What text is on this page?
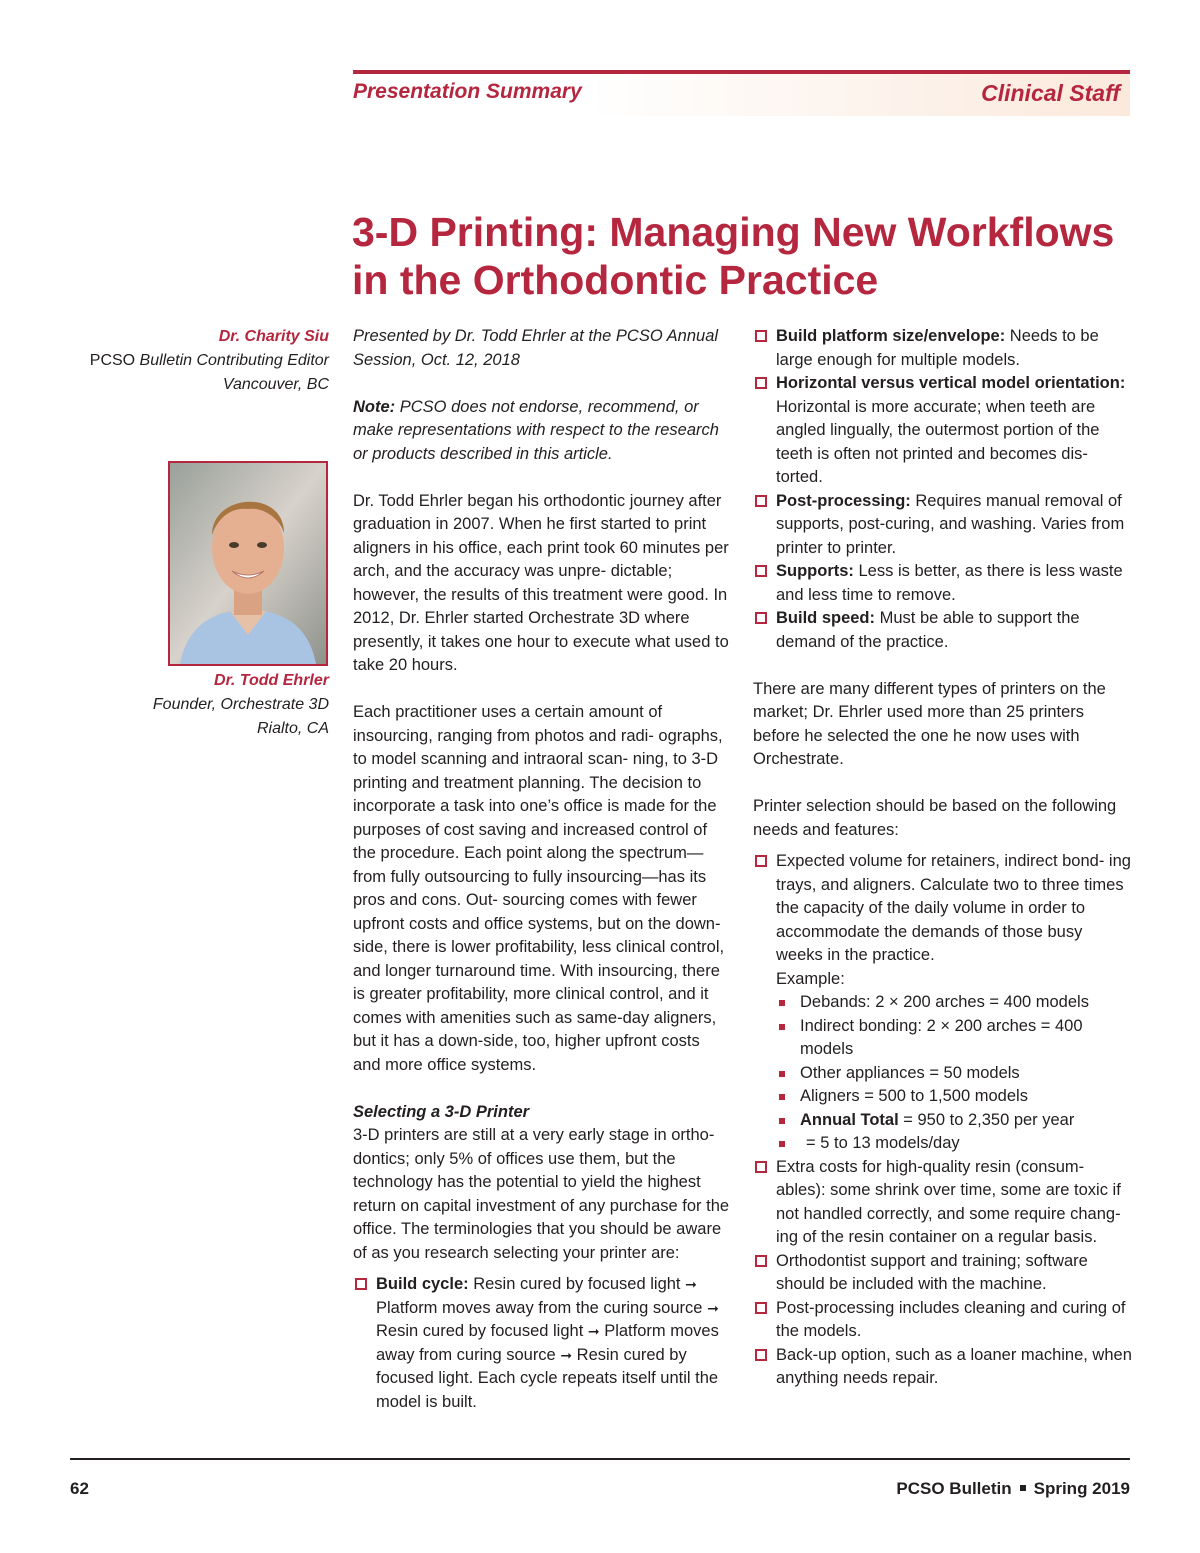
Presentation Summary	Clinical Staff
3-D Printing: Managing New Workflows
in the Orthodontic Practice
Dr. Charity Siu
PCSO Bulletin Contributing Editor
Vancouver, BC
Dr. Todd Ehrler
Founder, Orchestrate 3D
Rialto, CA

Presented by Dr. Todd Ehrler at the PCSO Annual Session, Oct. 12, 2018

Note: PCSO does not endorse, recommend, or make representations with respect to the research or products described in this article.

Dr. Todd Ehrler began his orthodontic journey after graduation in 2007. When he first started to print aligners in his office, each print took 60 minutes per arch, and the accuracy was unpre- dictable; however, the results of this treatment were good. In 2012, Dr. Ehrler started Orchestrate 3D where presently, it takes one hour to execute what used to take 20 hours.

Each practitioner uses a certain amount of insourcing, ranging from photos and radi- ographs, to model scanning and intraoral scan- ning, to 3-D printing and treatment planning. The decision to incorporate a task into one’s office is made for the purposes of cost saving and increased control of the procedure. Each point along the spectrum—from fully outsourcing to fully insourcing—has its pros and cons. Out- sourcing comes with fewer upfront costs and office systems, but on the down-side, there is lower profitability, less clinical control, and longer turnaround time. With insourcing, there is greater profitability, more clinical control, and it comes with amenities such as same-day aligners, but it has a down-side, too, higher upfront costs and more office systems.

Selecting a 3-D Printer

3-D printers are still at a very early stage in ortho- dontics; only 5% of offices use them, but the technology has the potential to yield the highest return on capital investment of any purchase for the office. The terminologies that you should be aware of as you research selecting your printer are:

Build cycle: Resin cured by focused light ➞ Platform moves away from the curing source ➞ Resin cured by focused light ➞ Platform moves away from curing source ➞ Resin cured by focused light. Each cycle repeats itself until the model is built.
Build platform size/envelope: Needs to be large enough for multiple models.
Horizontal versus vertical model orientation: Horizontal is more accurate; when teeth are angled lingually, the outermost portion of the teeth is often not printed and becomes dis- torted.
Post-processing: Requires manual removal of supports, post-curing, and washing. Varies from printer to printer.
Supports: Less is better, as there is less waste and less time to remove.
Build speed: Must be able to support the demand of the practice.

There are many different types of printers on the market; Dr. Ehrler used more than 25 printers before he selected the one he now uses with Orchestrate.

Printer selection should be based on the following needs and features:

Expected volume for retainers, indirect bond- ing trays, and aligners. Calculate two to three times the capacity of the daily volume in order to accommodate the demands of those busy weeks in the practice.
Example:
Debands: 2 × 200 arches = 400 models
Indirect bonding: 2 × 200 arches = 400 models
Other appliances = 50 models
Aligners = 500 to 1,500 models
Annual Total = 950 to 2,350 per year
= 5 to 13 models/day
Extra costs for high-quality resin (consum- ables): some shrink over time, some are toxic if not handled correctly, and some require chang- ing of the resin container on a regular basis.
Orthodontist support and training; software should be included with the machine.
Post-processing includes cleaning and curing of the models.
Back-up option, such as a loaner machine, when anything needs repair.
62	PCSO Bulletin Spring 2019
